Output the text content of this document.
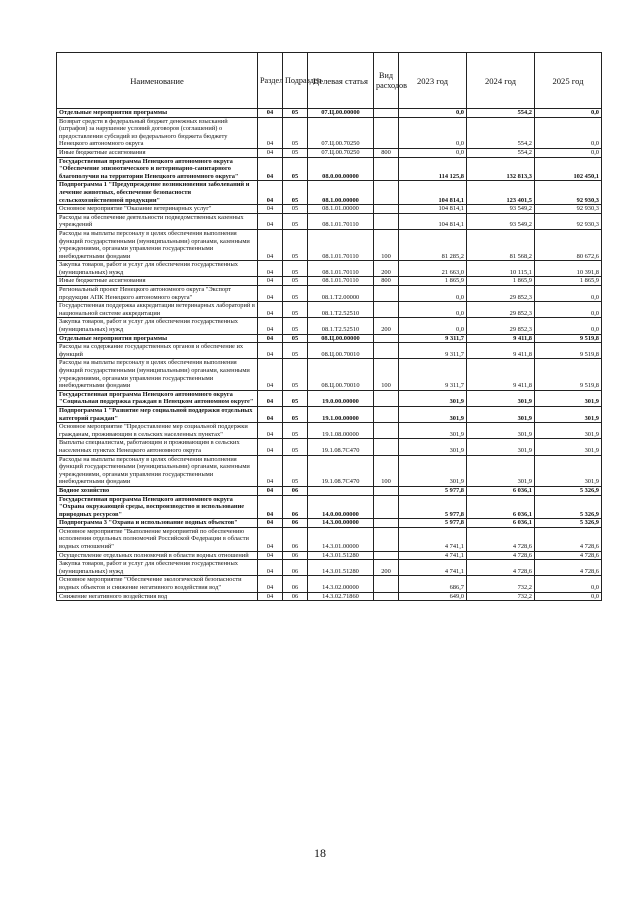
Наименование	Раздел	Подраздел	Целевая статья	Вид расходов	2023 год	2024 год	2025 год
Отдельные мероприятия программы	04	05	07.Ц.00.00000		0,0	554,2	0,0
Возврат средств в федеральный бюджет денежных взысканий (штрафов) за нарушение условий договоров (соглашений) о предоставлении субсидий из федерального бюджета бюджету Ненецкого автономного округа	04	05	07.Ц.00.70250		0,0	554,2	0,0
Иные бюджетные ассигнования	04	05	07.Ц.00.70250	800	0,0	554,2	0,0
Государственная программа Ненецкого автономного округа "Обеспечение эпизоотического и ветеринарно-санитарного благополучия на территории Ненецкого автономного округа"	04	05	08.0.00.00000		114 125,8	132 813,3	102 450,1
Подпрограмма 1 "Предупреждение возникновения заболеваний и лечение животных, обеспечение безопасности сельскохозяйственной продукции"	04	05	08.1.00.00000		104 814,1	123 401,5	92 930,3
Основное мероприятие "Оказание ветеринарных услуг"	04	05	08.1.01.00000		104 814,1	93 549,2	92 930,3
Расходы на обеспечение деятельности подведомственных казенных учреждений	04	05	08.1.01.70110		104 814,1	93 549,2	92 930,3
Расходы на выплаты персоналу в целях обеспечения выполнения функций государственными (муниципальными) органами, казенными учреждениями, органами управления государственными внебюджетными фондами	04	05	08.1.01.70110	100	81 285,2	81 568,2	80 672,6
Закупка товаров, работ и услуг для обеспечения государственных (муниципальных) нужд	04	05	08.1.01.70110	200	21 663,0	10 115,1	10 391,8
Иные бюджетные ассигнования	04	05	08.1.01.70110	800	1 865,9	1 865,9	1 865,9
Региональный проект Ненецкого автономного округа "Экспорт продукции АПК Ненецкого автономного округа"	04	05	08.1.Т2.00000		0,0	29 852,3	0,0
Государственная поддержка аккредитации ветеринарных лабораторий в национальной системе аккредитации	04	05	08.1.Т2.52510		0,0	29 852,3	0,0
Закупка товаров, работ и услуг для обеспечения государственных (муниципальных) нужд	04	05	08.1.Т2.52510	200	0,0	29 852,3	0,0
Отдельные мероприятия программы	04	05	08.Ц.00.00000		9 311,7	9 411,8	9 519,8
Расходы на содержание государственных органов и обеспечение их функций	04	05	08.Ц.00.70010		9 311,7	9 411,8	9 519,8
Расходы на выплаты персоналу в целях обеспечения выполнения функций государственными (муниципальными) органами, казенными учреждениями, органами управления государственными внебюджетными фондами	04	05	08.Ц.00.70010	100	9 311,7	9 411,8	9 519,8
Государственная программа Ненецкого автономного округа "Социальная поддержка граждан в Ненецком автономном округе"	04	05	19.0.00.00000		301,9	301,9	301,9
Подпрограмма 1 "Развитие мер социальной поддержки отдельных категорий граждан"	04	05	19.1.00.00000		301,9	301,9	301,9
Основное мероприятие "Предоставление мер социальной поддержки гражданам, проживающим в сельских населенных пунктах"	04	05	19.1.08.00000		301,9	301,9	301,9
Выплаты специалистам, работающим и проживающим в сельских населенных пунктах Ненецкого автономного округа	04	05	19.1.08.7С470		301,9	301,9	301,9
Расходы на выплаты персоналу в целях обеспечения выполнения функций государственными (муниципальными) органами, казенными учреждениями, органами управления государственными внебюджетными фондами	04	05	19.1.08.7С470	100	301,9	301,9	301,9
Водное хозяйство	04	06			5 977,8	6 036,1	5 326,9
Государственная программа Ненецкого автономного округа "Охрана окружающей среды, воспроизводство и использование природных ресурсов"	04	06	14.0.00.00000		5 977,8	6 036,1	5 326,9
Подпрограмма 3 "Охрана и использование водных объектов"	04	06	14.3.00.00000		5 977,8	6 036,1	5 326,9
Основное мероприятие "Выполнение мероприятий по обеспечению исполнения отдельных полномочий Российской Федерации в области водных отношений"	04	06	14.3.01.00000		4 741,1	4 728,6	4 728,6
Осуществление отдельных полномочий в области водных отношений	04	06	14.3.01.51280		4 741,1	4 728,6	4 728,6
Закупка товаров, работ и услуг для обеспечения государственных (муниципальных) нужд	04	06	14.3.01.51280	200	4 741,1	4 728,6	4 728,6
Основное мероприятие "Обеспечение экологической безопасности водных объектов и снижение негативного воздействия вод"	04	06	14.3.02.00000		686,7	732,2	0,0
Снижение негативного воздействия вод	04	06	14.3.02.71860		649,0	732,2	0,0
18
